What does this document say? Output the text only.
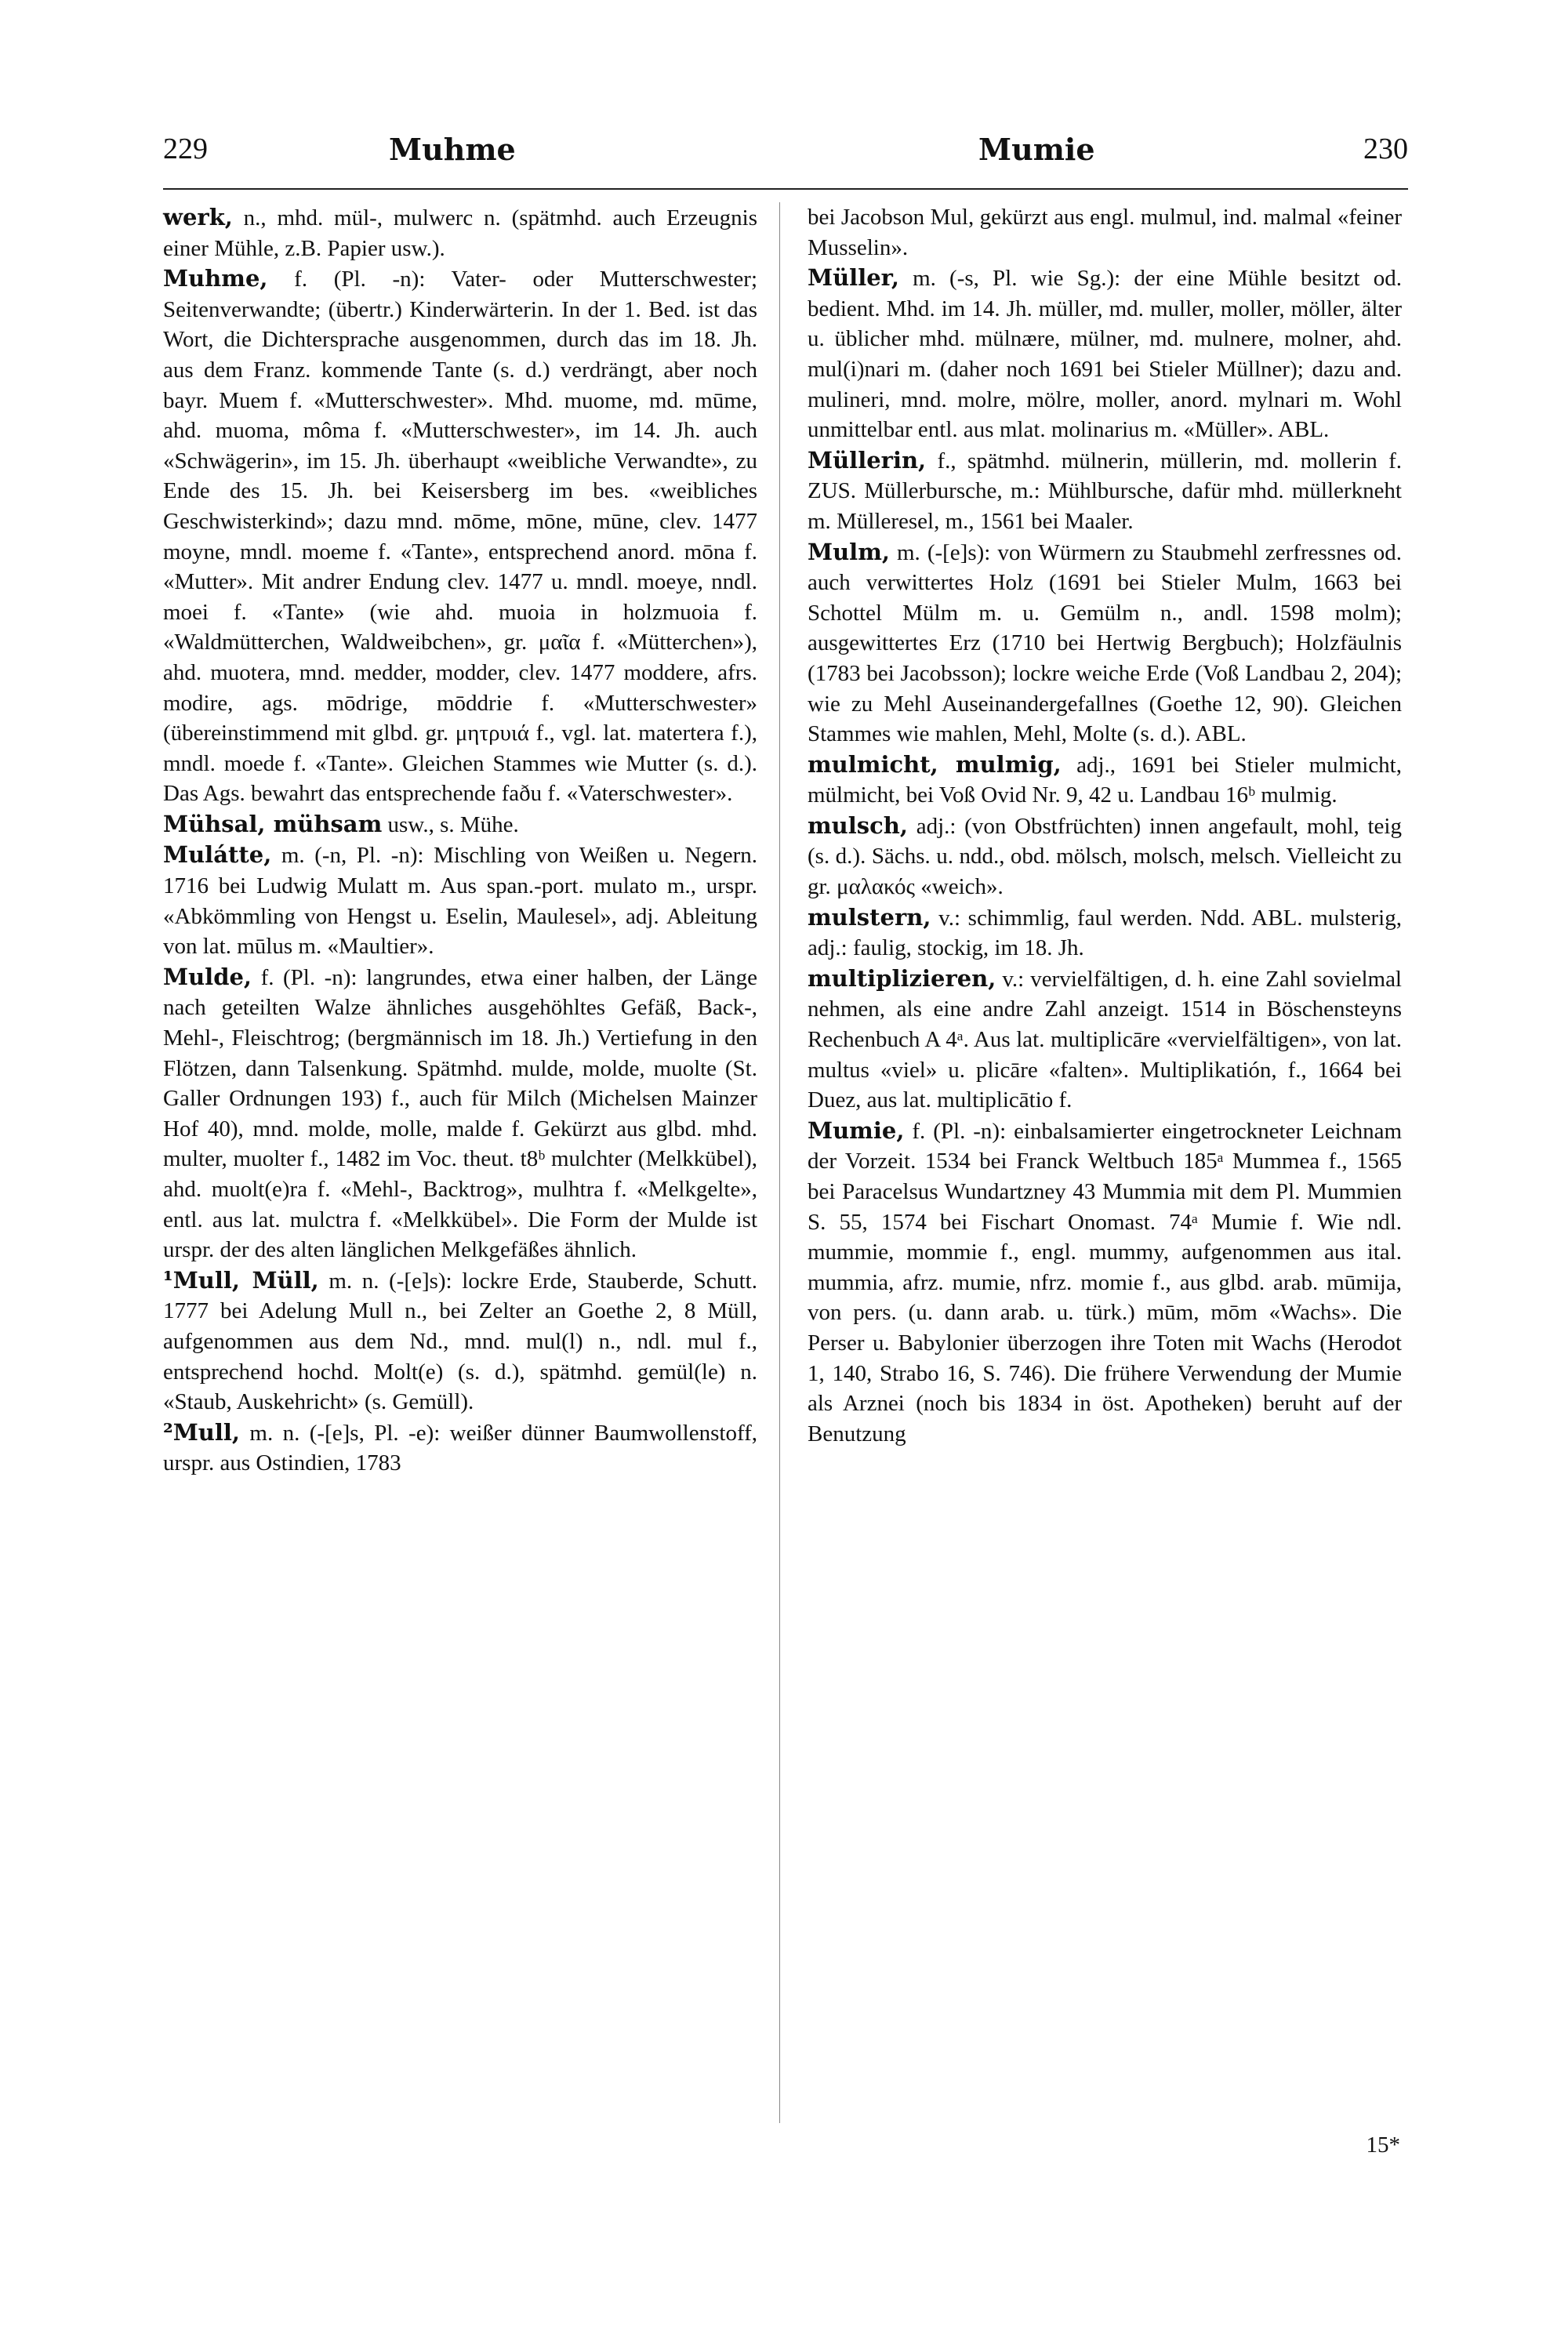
229	Muhme	Mumie	230

werk, n., mhd. mül-, mulwerc n. (spätmhd. auch Erzeugnis einer Mühle, z.B. Papier usw.).

Muhme, f. (Pl. -n): Vater- oder Mutterschwester; Seitenverwandte; (übertr.) Kinderwärterin. In der 1. Bed. ist das Wort, die Dichtersprache ausgenommen, durch das im 18. Jh. aus dem Franz. kommende Tante (s. d.) verdrängt, aber noch bayr. Muem f. «Mutterschwester». Mhd. muome, md. mūme, ahd. muoma, môma f. «Mutterschwester», im 14. Jh. auch «Schwägerin», im 15. Jh. überhaupt «weibliche Verwandte», zu Ende des 15. Jh. bei Keisersberg im bes. «weibliches Geschwisterkind»; dazu mnd. mōme, mōne, mūne, clev. 1477 moyne, mndl. moeme f. «Tante», entsprechend anord. mōna f. «Mutter». Mit andrer Endung clev. 1477 u. mndl. moeye, nndl. moei f. «Tante» (wie ahd. muoia in holzmuoia f. «Waldmütterchen, Waldweibchen», gr. μαῖα f. «Mütterchen»), ahd. muotera, mnd. medder, modder, clev. 1477 moddere, afrs. modire, ags. mōdrige, mōddrie f. «Mutterschwester» (übereinstimmend mit glbd. gr. μητρυιά f., vgl. lat. matertera f.), mndl. moede f. «Tante». Gleichen Stammes wie Mutter (s. d.). Das Ags. bewahrt das entsprechende faðu f. «Vaterschwester».

Mühsal, mühsam usw., s. Mühe.

Mulátte, m. (-n, Pl. -n): Mischling von Weißen u. Negern. 1716 bei Ludwig Mulatt m. Aus span.-port. mulato m., urspr. «Abkömmling von Hengst u. Eselin, Maulesel», adj. Ableitung von lat. mūlus m. «Maultier».

Mulde, f. (Pl. -n): langrundes, etwa einer halben, der Länge nach geteilten Walze ähnliches ausgehöhltes Gefäß, Back-, Mehl-, Fleischtrog; (bergmännisch im 18. Jh.) Vertiefung in den Flötzen, dann Talsenkung. Spätmhd. mulde, molde, muolte (St. Galler Ordnungen 193) f., auch für Milch (Michelsen Mainzer Hof 40), mnd. molde, molle, malde f. Gekürzt aus glbd. mhd. multer, muolter f., 1482 im Voc. theut. t8ᵇ mulchter (Melkkübel), ahd. muolt(e)ra f. «Mehl-, Backtrog», mulhtra f. «Melkgelte», entl. aus lat. mulctra f. «Melkkübel». Die Form der Mulde ist urspr. der des alten länglichen Melkgefäßes ähnlich.

¹Mull, Müll, m. n. (-[e]s): lockre Erde, Stauberde, Schutt. 1777 bei Adelung Mull n., bei Zelter an Goethe 2, 8 Müll, aufgenommen aus dem Nd., mnd. mul(l) n., ndl. mul f., entsprechend hochd. Molt(e) (s. d.), spätmhd. gemül(le) n. «Staub, Auskehricht» (s. Gemüll).

²Mull, m. n. (-[e]s, Pl. -e): weißer dünner Baumwollenstoff, urspr. aus Ostindien, 1783

bei Jacobson Mul, gekürzt aus engl. mulmul, ind. malmal «feiner Musselin».

Müller, m. (-s, Pl. wie Sg.): der eine Mühle besitzt od. bedient. Mhd. im 14. Jh. müller, md. muller, moller, möller, älter u. üblicher mhd. mülnære, mülner, md. mulnere, molner, ahd. mul(i)nari m. (daher noch 1691 bei Stieler Müllner); dazu and. mulineri, mnd. molre, mölre, moller, anord. mylnari m. Wohl unmittelbar entl. aus mlat. molinarius m. «Müller». ABL.

Müllerin, f., spätmhd. mülnerin, müllerin, md. mollerin f. ZUS. Müllerbursche, m.: Mühlbursche, dafür mhd. müllerkneht m. Mülleresel, m., 1561 bei Maaler.

Mulm, m. (-[e]s): von Würmern zu Staubmehl zerfressnes od. auch verwittertes Holz (1691 bei Stieler Mulm, 1663 bei Schottel Mülm m. u. Gemülm n., andl. 1598 molm); ausgewittertes Erz (1710 bei Hertwig Bergbuch); Holzfäulnis (1783 bei Jacobsson); lockre weiche Erde (Voß Landbau 2, 204); wie zu Mehl Auseinandergefallnes (Goethe 12, 90). Gleichen Stammes wie mahlen, Mehl, Molte (s. d.). ABL.

mulmicht, mulmig, adj., 1691 bei Stieler mulmicht, mülmicht, bei Voß Ovid Nr. 9, 42 u. Landbau 16ᵇ mulmig.

mulsch, adj.: (von Obstfrüchten) innen angefault, mohl, teig (s. d.). Sächs. u. ndd., obd. mölsch, molsch, melsch. Vielleicht zu gr. μαλακός «weich».

mulstern, v.: schimmlig, faul werden. Ndd. ABL. mulsterig, adj.: faulig, stockig, im 18. Jh.

multiplizieren, v.: vervielfältigen, d. h. eine Zahl sovielmal nehmen, als eine andre Zahl anzeigt. 1514 in Böschensteyns Rechenbuch A 4ᵃ. Aus lat. multiplicāre «vervielfältigen», von lat. multus «viel» u. plicāre «falten». Multiplikatión, f., 1664 bei Duez, aus lat. multiplicātio f.

Mumie, f. (Pl. -n): einbalsamierter eingetrockneter Leichnam der Vorzeit. 1534 bei Franck Weltbuch 185ᵃ Mummea f., 1565 bei Paracelsus Wundartzney 43 Mummia mit dem Pl. Mummien S. 55, 1574 bei Fischart Onomast. 74ᵃ Mumie f. Wie ndl. mummie, mommie f., engl. mummy, aufgenommen aus ital. mummia, afrz. mumie, nfrz. momie f., aus glbd. arab. mūmija, von pers. (u. dann arab. u. türk.) mūm, mōm «Wachs». Die Perser u. Babylonier überzogen ihre Toten mit Wachs (Herodot 1, 140, Strabo 16, S. 746). Die frühere Verwendung der Mumie als Arznei (noch bis 1834 in öst. Apotheken) beruht auf der Benutzung

15*
